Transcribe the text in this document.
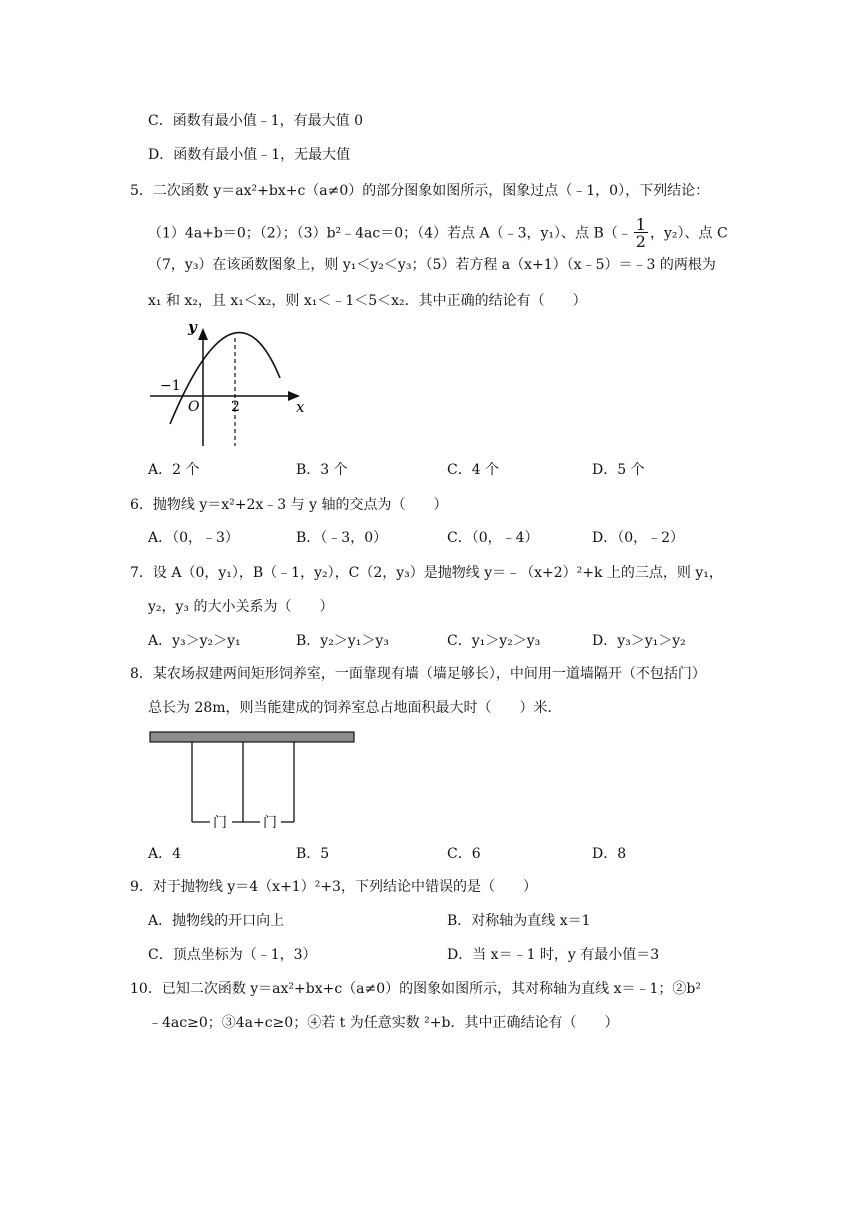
C．函数有最小值﹣1，有最大值 0
D．函数有最小值﹣1，无最大值
5．二次函数 y＝ax²+bx+c（a≠0）的部分图象如图所示，图象过点（﹣1，0），下列结论：
（1）4a+b＝0；（2）；（3）b²﹣4ac＝0；（4）若点 A（﹣3，y₁）、点 B（﹣ $\frac{1}{2}$ ，y₂）、点 C
（7，y₃）在该函数图象上，则 y₁＜y₂＜y₃；（5）若方程 a（x+1）（x﹣5）＝﹣3 的两根为
x₁ 和 x₂，且 x₁＜x₂，则 x₁＜﹣1＜5＜x₂．其中正确的结论有（　　）
y
x
O
−1
2
A．2 个	B．3 个	C．4 个	D．5 个
6．抛物线 y＝x²+2x﹣3 与 y 轴的交点为（　　）
A．（0，﹣3）	B．（﹣3，0）	C．（0，﹣4）	D．（0，﹣2）
7．设 A（0，y₁），B（﹣1，y₂），C（2，y₃）是抛物线 y＝﹣（x+2）²+k 上的三点，则 y₁，
y₂，y₃ 的大小关系为（　　）
A．y₃＞y₂＞y₁	B．y₂＞y₁＞y₃	C．y₁＞y₂＞y₃	D．y₃＞y₁＞y₂
8．某农场叔建两间矩形饲养室，一面靠现有墙（墙足够长），中间用一道墙隔开（不包括门）
总长为 28m，则当能建成的饲养室总占地面积最大时（　　）米．
门	门
A．4	B．5	C．6	D．8
9．对于抛物线 y＝4（x+1）²+3，下列结论中错误的是（　　）
A．抛物线的开口向上	B．对称轴为直线 x＝1
C．顶点坐标为（﹣1，3）	D．当 x＝﹣1 时，y 有最小值＝3
10．已知二次函数 y＝ax²+bx+c（a≠0）的图象如图所示，其对称轴为直线 x＝﹣1；②b²
﹣4ac≥0；③4a+c≥0；④若 t 为任意实数 ²+b．其中正确结论有（　　）
